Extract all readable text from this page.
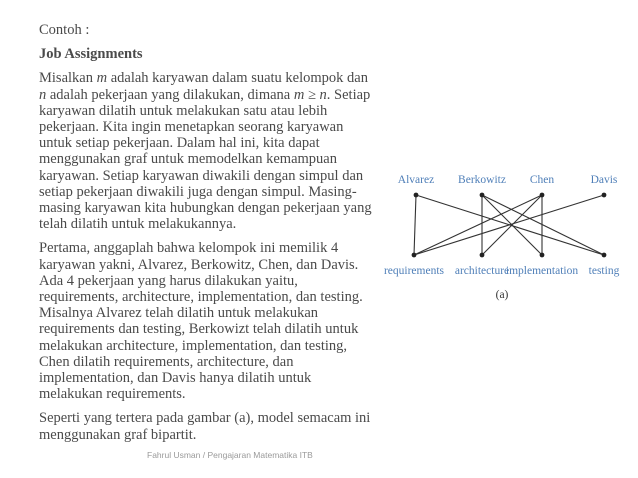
Contoh :

Job Assignments

Misalkan m adalah karyawan dalam suatu kelompok dan n adalah pekerjaan yang dilakukan, dimana m ≥ n. Setiap karyawan dilatih untuk melakukan satu atau lebih pekerjaan. Kita ingin menetapkan seorang karyawan untuk setiap pekerjaan. Dalam hal ini, kita dapat menggunakan graf untuk memodelkan kemampuan karyawan. Setiap karyawan diwakili dengan simpul dan setiap pekerjaan diwakili juga dengan simpul. Masing-masing karyawan kita hubungkan dengan pekerjaan yang telah dilatih untuk melakukannya.

Pertama, anggaplah bahwa kelompok ini memilik 4 karyawan yakni, Alvarez, Berkowitz, Chen, dan Davis. Ada 4 pekerjaan yang harus dilakukan yaitu, requirements, architecture, implementation, dan testing. Misalnya Alvarez telah dilatih untuk melakukan requirements dan testing, Berkowizt telah dilatih untuk melakukan architecture, implementation, dan testing, Chen dilatih requirements, architecture, dan implementation, dan Davis hanya dilatih untuk melakukan requirements.

Seperti yang tertera pada gambar (a), model semacam ini menggunakan graf bipartit.

Alvarez Berkowitz Chen	Davis
requirements architecture
implementation testing
(a)
Fahrul Usman / Pengajaran Matematika ITB
